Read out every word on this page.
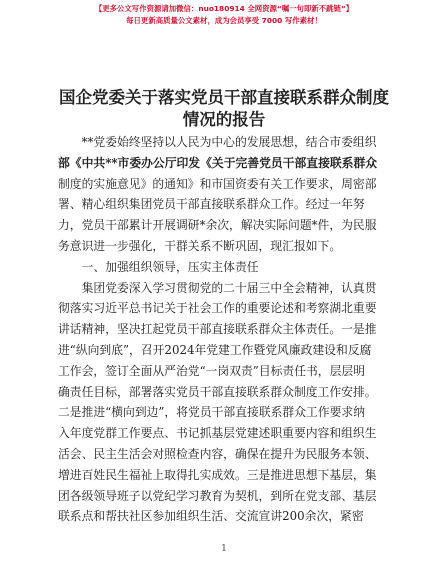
【更多公文写作资源请加微信：nuo180914 全网资源“嘱一句即新不跳链”】
每日更新高质量公文素材，成为会员享受 7000 写作素材！
国企党委关于落实党员干部直接联系群众制度
情况的报告
**党委始终坚持以人民为中心的发展思想，结合市委组织
部《中共**市委办公厅印发《关于完善党员干部直接联系群众
制度的实施意见》的通知》和市国资委有关工作要求，周密部
署、精心组织集团党员干部直接联系群众工作。经过一年努
力，党员干部累计开展调研*余次，解决实际问题*件，为民服
务意识进一步强化，干群关系不断巩固，现汇报如下。
一、加强组织领导，压实主体责任
集团党委深入学习贯彻党的二十届三中全会精神，认真贯
彻落实习近平总书记关于社会工作的重要论述和考察湖北重要
讲话精神，坚决扛起党员干部直接联系群众主体责任。一是推
进“纵向到底”，召开2024年党建工作暨党风廉政建设和反腐
工作会，签订全面从严治党“一岗双责”目标责任书，层层明
确责任目标，部署落实党员干部直接联系群众制度工作安排。
二是推进“横向到边”，将党员干部直接联系群众工作要求纳
入年度党群工作要点、书记抓基层党建述职重要内容和组织生
活会、民主生活会对照检查内容，确保在提升为民服务本领、
增进百姓民生福祉上取得扎实成效。三是推进思想下基层，集
团各级领导班子以党纪学习教育为契机，到所在党支部、基层
联系点和帮扶社区参加组织生活、交流宣讲200余次，紧密
1
